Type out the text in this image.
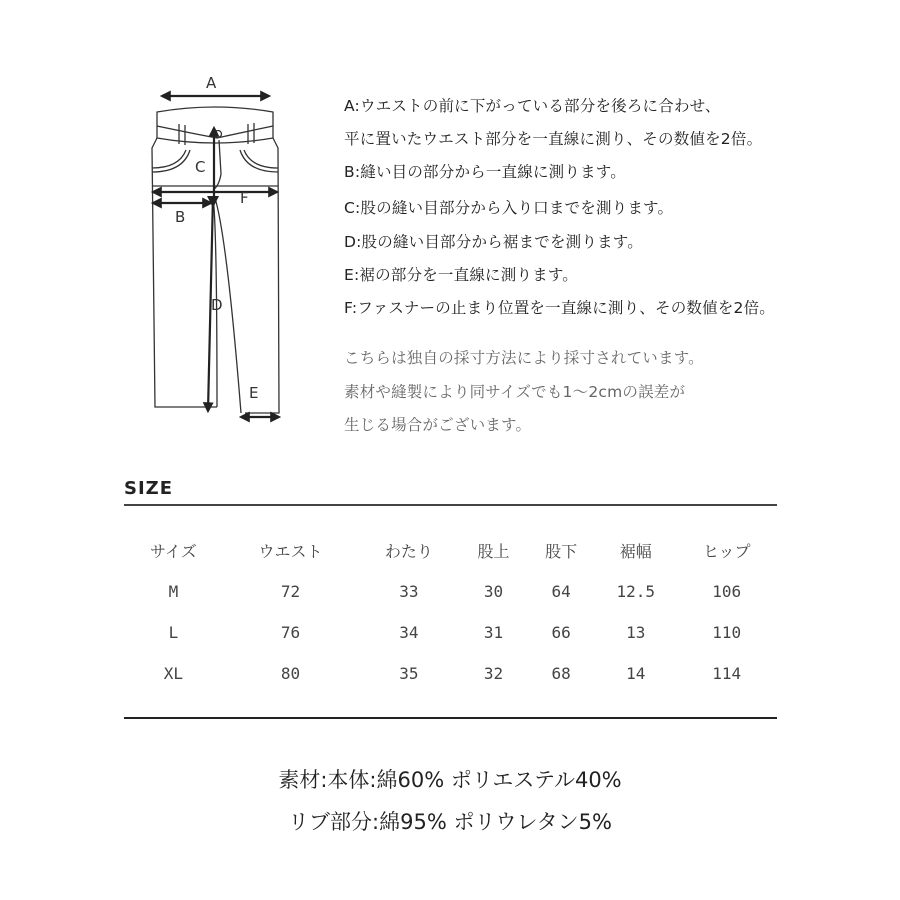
A
C
F
B
D
E
A:ウエストの前に下がっている部分を後ろに合わせ、
平に置いたウエスト部分を一直線に測り、その数値を2倍。
B:縫い目の部分から一直線に測ります。
C:股の縫い目部分から入り口までを測ります。
D:股の縫い目部分から裾までを測ります。
E:裾の部分を一直線に測ります。
F:ファスナーの止まり位置を一直線に測り、その数値を2倍。
こちらは独自の採寸方法により採寸されています。
素材や縫製により同サイズでも1〜2cmの誤差が
生じる場合がございます。
SIZE
サイズ	ウエスト	わたり	股上	股下	裾幅	ヒップ
M	72	33	30	64	12.5	106
L	76	34	31	66	13	110
XL	80	35	32	68	14	114
素材:本体:綿60% ポリエステル40%
リブ部分:綿95% ポリウレタン5%
